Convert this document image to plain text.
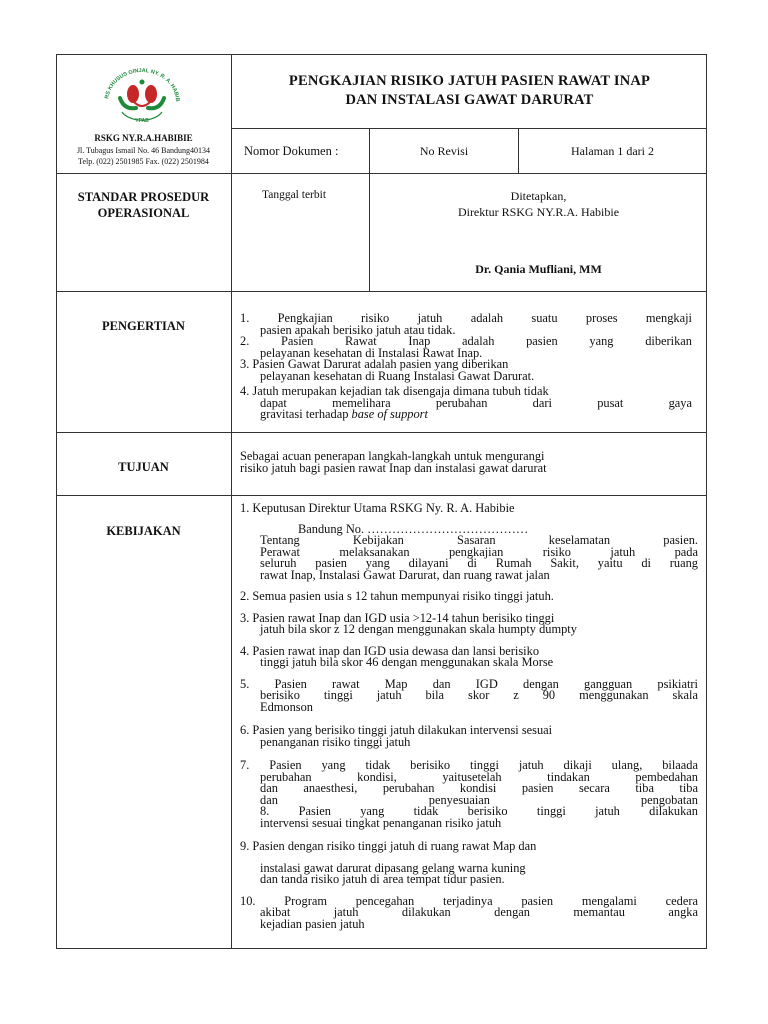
RS KHUSUS GINJAL NY. R. A. HABIB
YPAB
RSKG NY.R.A.HABIBIE
Jl. Tubagus Ismail No. 46 Bandung40134
Telp. (022) 2501985 Fax. (022) 2501984
PENGKAJIAN RISIKO JATUH PASIEN RAWAT INAP
DAN INSTALASI GAWAT DARURAT
Nomor Dokumen :	No Revisi	Halaman 1 dari 2
STANDAR PROSEDUR
OPERASIONAL
Tanggal terbit	Ditetapkan,
Direktur RSKG NY.R.A. Habibie
Dr. Qania Mufliani, MM
PENGERTIAN

1. Pengkajian risiko jatuh adalah suatu proses mengkaji

pasien apakah berisiko jatuh atau tidak.

2. Pasien Rawat Inap adalah pasien yang diberikan

pelayanan kesehatan di Instalasi Rawat Inap.

3. Pasien Gawat Darurat adalah pasien yang diberikan

pelayanan kesehatan di Ruang Instalasi Gawat Darurat.

4. Jatuh merupakan kejadian tak disengaja dimana tubuh tidak

dapat memelihara perubahan dari pusat gaya

gravitasi terhadap base of support

TUJUAN

Sebagai acuan penerapan langkah-langkah untuk mengurangi

risiko jatuh bagi pasien rawat Inap dan instalasi gawat darurat

KEBIJAKAN

1. Keputusan Direktur Utama RSKG Ny. R. A. Habibie

Bandung No. …………………………………

Tentang Kebijakan Sasaran keselamatan pasien.

Perawat melaksanakan pengkajian risiko jatuh pada

seluruh pasien yang dilayani di Rumah Sakit, yaitu di ruang

rawat Inap, Instalasi Gawat Darurat, dan ruang rawat jalan

2. Semua pasien usia s 12 tahun mempunyai risiko tinggi jatuh.

3. Pasien rawat Inap dan IGD usia >12-14 tahun berisiko tinggi

jatuh bila skor z 12 dengan menggunakan skala humpty dumpty

4. Pasien rawat inap dan IGD usia dewasa dan lansi berisiko

tinggi jatuh bila skor 46 dengan menggunakan skala Morse

5. Pasien rawat Map dan IGD dengan gangguan psikiatri

berisiko tinggi jatuh bila skor z 90 menggunakan skala

Edmonson

6. Pasien yang berisiko tinggi jatuh dilakukan intervensi sesuai

penanganan risiko tinggi jatuh

7. Pasien yang tidak berisiko tinggi jatuh dikaji ulang, bilaada

perubahan kondisi, yaitusetelah tindakan pembedahan

dan anaesthesi, perubahan kondisi pasien secara tiba tiba

dan penyesuaian pengobatan

8. Pasien yang tidak berisiko tinggi jatuh dilakukan

intervensi sesuai tingkat penanganan risiko jatuh

9. Pasien dengan risiko tinggi jatuh di ruang rawat Map dan

instalasi gawat darurat dipasang gelang warna kuning

dan tanda risiko jatuh di area tempat tidur pasien.

10. Program pencegahan terjadinya pasien mengalami cedera

akibat jatuh dilakukan dengan memantau angka

kejadian pasien jatuh
